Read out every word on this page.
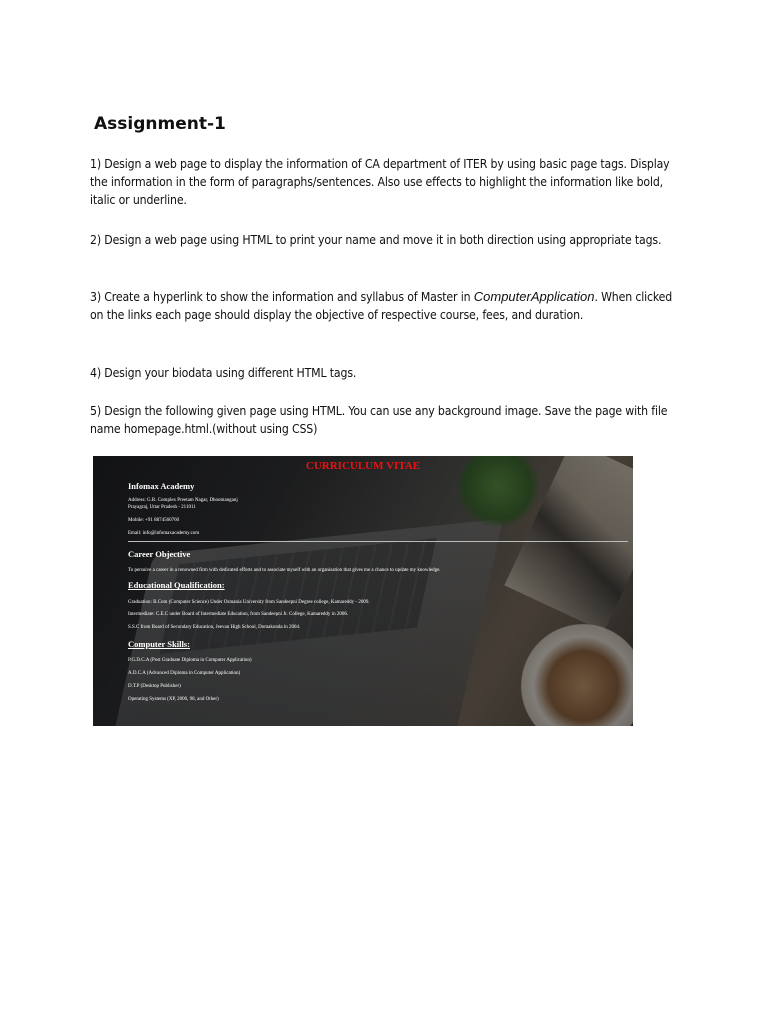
Assignment-1
1) Design a web page to display the information of CA department of ITER by using basic page tags. Display the information in the form of paragraphs/sentences. Also use effects to highlight the information like bold, italic or underline.
2) Design a web page using HTML to print your name and move it in both direction using appropriate tags.
3) Create a hyperlink to show the information and syllabus of Master in ComputerApplication. When clicked on the links each page should display the objective of respective course, fees, and duration.
4) Design your biodata using different HTML tags.
5) Design the following given page using HTML. You can use any background image. Save the page with file name homepage.html.(without using CSS)
CURRICULUM VITAE
Infomax Academy
Address: G.R. Complex Preetam Nagar, Dhoomanganj
Prayagraj, Uttar Pradesh - 211011
Mobile: +91 8874560760
Email: info@infomaxacademy.com
Career Objective
To persuive a career in a renowned firm with dedicated efforts and to associate myself with an organisation that gives me a chance to update my knowledge.
Educational Qualification:
Graduation: B.Com (Computer Science) Under Osmania University from Sandeepni Degree college, Kamareddy - 2009.
Intermediate: C.E.C under Board of Intermediate Education, from Sandeepni Jr. College, Kamareddy in 2006.
S.S.C from Board of Secondary Education, Jeevan High School, Domakonda in 2004.
Computer Skills:
P.G.D.C.A (Post Graduate Diploma in Computer Application)
A.D.C.A (Advanced Diploma in Computer Application)
D.T.P (Desktop Publisher)
Operating Systems (XP, 2000, 98, and Other)
